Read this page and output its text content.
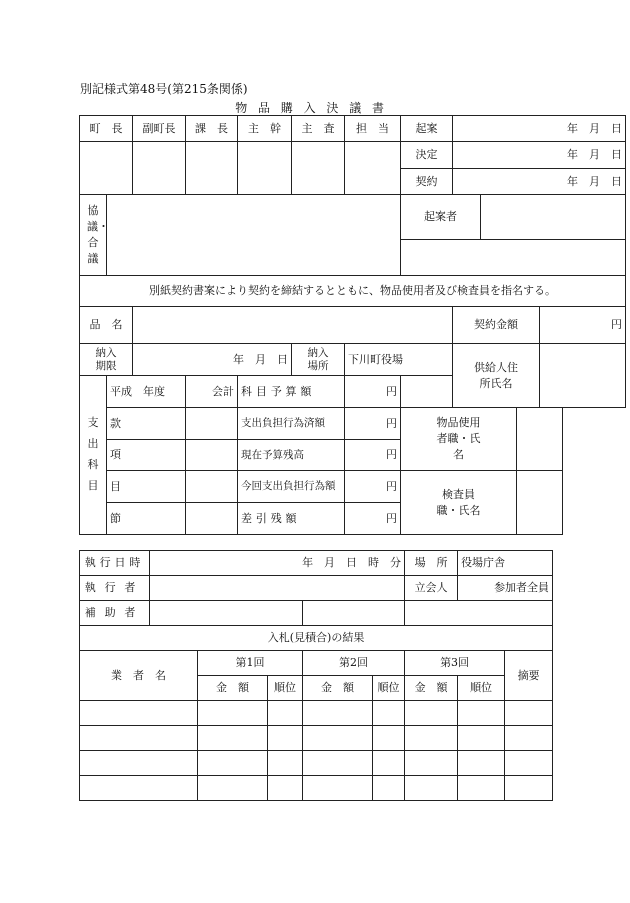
別記様式第48号(第215条関係)
物品購入決議書
町　長		副町長	課　長	主　幹	主　査	担　当	起案	年　月　日			
							決定	年　月　日			
							契約	年　月　日			
協議・合議							起案者				

別紙契約書案により契約を締結するとともに、物品使用者及び検査員を指名する。											
品　名								契約金額			円
納入期限		年　月　日			納入場所	下川町役場		供給人住所氏名			
支出科目	平成　年度		会計	科目予算額		円					
	款			支出負担行為済額		円	物品使用者職・氏名				
	項			現在予算残高		円					
	目			今回支出負担行為額		円	検査員職・氏名				
	節			差引残額		円					
執行日時	年　月　日　時　分					場　所	役場庁舎	
執行者						立会人	参加者全員	
補助者								
入札(見積合)の結果								
業　者　名		第1回		第2回		第3回		摘要
		金　額	順位	金　額	順位	金　額	順位	
